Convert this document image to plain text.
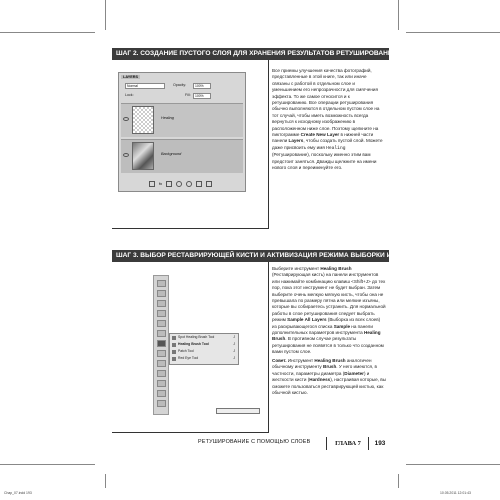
ШАГ 2. СОЗДАНИЕ ПУСТОГО СЛОЯ ДЛЯ ХРАНЕНИЯ РЕЗУЛЬТАТОВ РЕТУШИРОВАНИЯ
LAYERS
Normal	Opacity:	100%
Lock:	Fill:	100%
Healing
Background
fx

Все приемы улучшения качества фотографий, представленные в этой книге, так или иначе связаны с работой в отдельном слое и уменьшением его непрозрачности для смягчения эффекта. То же самое относится и к ретушированию. Все операции ретуширования обычно выполняются в отдельном пустом слое на тот случай, чтобы иметь возможность всегда вернуться к исходному изображению в расположенном ниже слое. Поэтому щелкните на пиктограмме Create New Layer в нижней части панели Layers, чтобы создать пустой слой. Можете даже присвоить ему имя Healing (Ретуширование), поскольку именно этим вам предстоит заняться. Дважды щелкните на имени нового слоя и переименуйте его.

ШАГ 3. ВЫБОР РЕСТАВРИРУЮЩЕЙ КИСТИ И АКТИВИЗАЦИЯ РЕЖИМА ВЫБОРКИ ИЗ ВСЕХ СЛОЕВ
Spot Healing Brush Tool	J
Healing Brush Tool	J
Patch Tool	J
Red Eye Tool	J

Выберите инструмент Healing Brush (Реставрирующая кисть) на панели инструментов или нажимайте комбинацию клавиш <Shift+J> до тех пор, пока этот инструмент не будет выбран. Затем выберите очень мелкую мягкую кисть, чтобы она не превышала по размеру пятна или мелкие изъяны, которые вы собираетесь устранить. Для нормальной работы в слое ретуширования следует выбрать режим Sample All Layers (Выборка из всех слоев) из раскрывающегося списка Sample на панели дополнительных параметров инструмента Healing Brush. В противном случае результаты ретуширования не появятся в только что созданном вами пустом слое.

Совет. Инструмент Healing Brush аналогичен обычному инструменту Brush. У него имеются, в частности, параметры диаметра (Diameter) и жесткости кисти (Hardness), настраивая которые, вы сможете пользоваться реставрирующей кистью, как обычной кистью.

РЕТУШИРОВАНИЕ С ПОМОЩЬЮ СЛОЕВ	ГЛАВА 7	193
Chap_07.indd 193	10.05.2011 12:01:43
